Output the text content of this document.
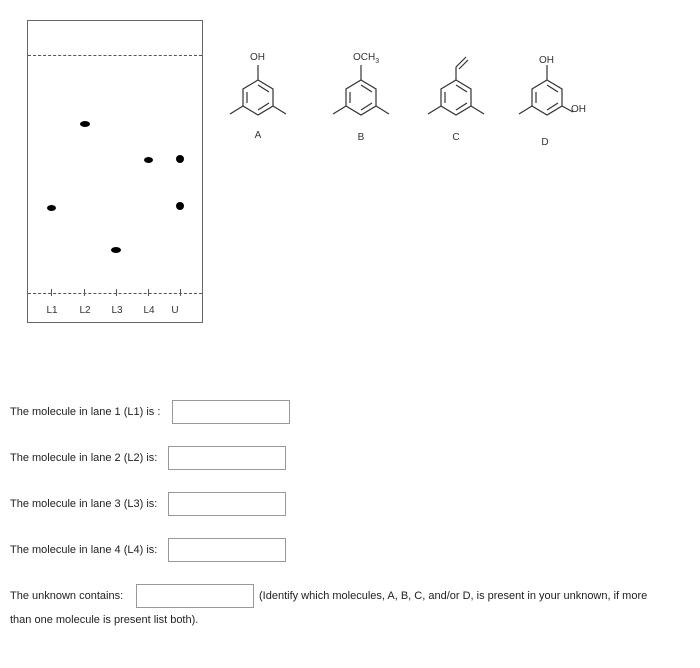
L1	L2	L3	L4	U
OH	$OCH_3$	OH
OH
A	B	C	D
The molecule in lane 1 (L1) is :
The molecule in lane 2 (L2) is:
The molecule in lane 3 (L3) is:
The molecule in lane 4 (L4) is:
The unknown contains:	(Identify which molecules, A, B, C, and/or D, is present in your unknown, if more
than one molecule is present list both).
